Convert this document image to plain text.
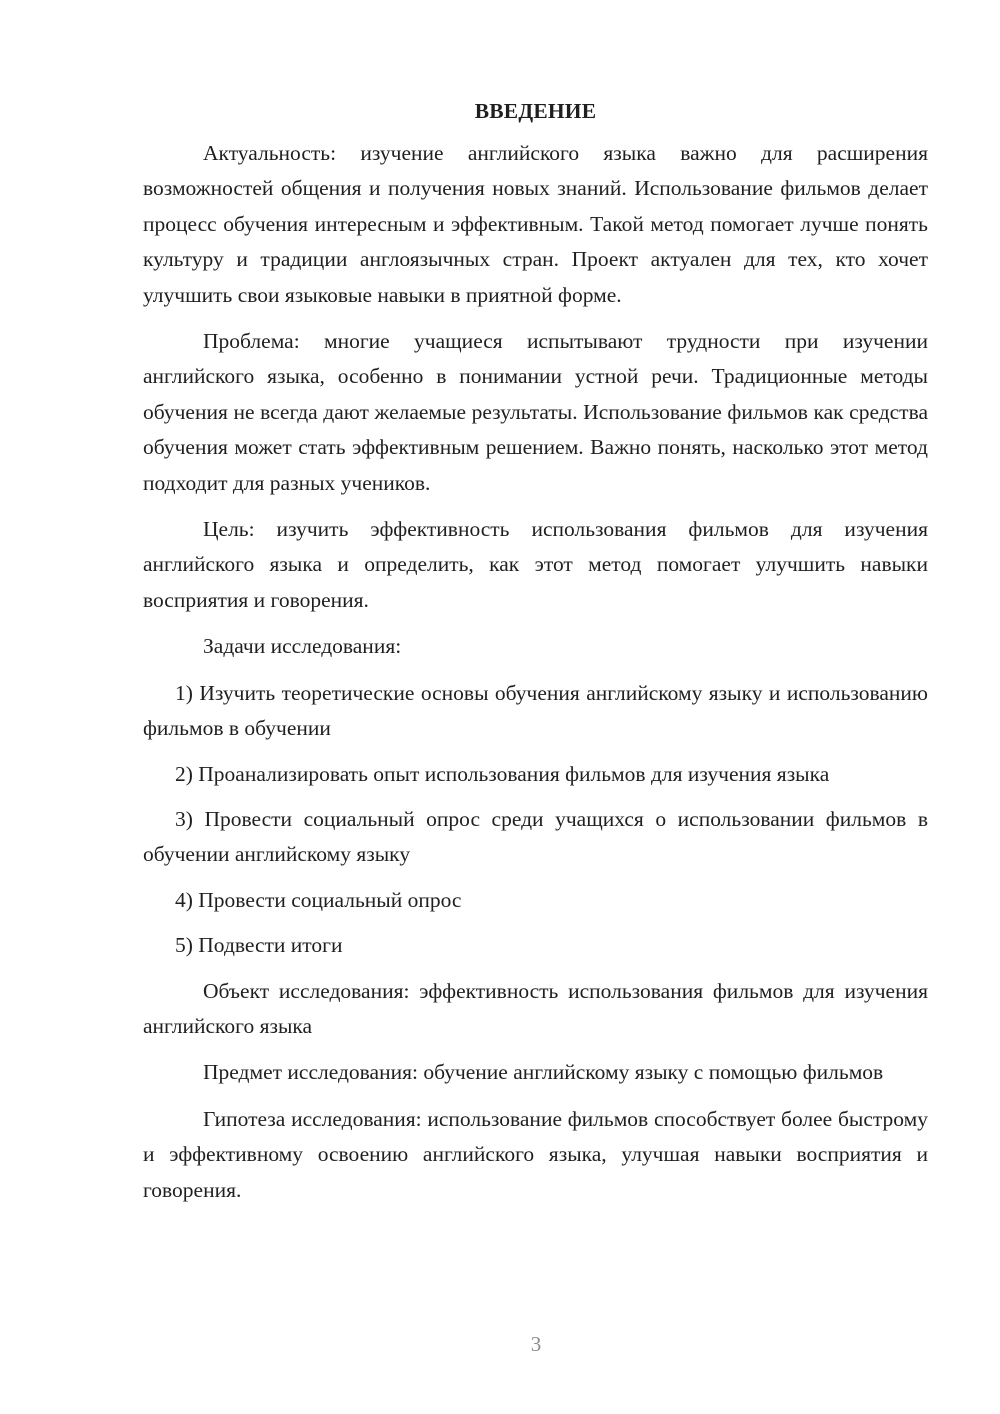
ВВЕДЕНИЕ

Актуальность: изучение английского языка важно для расширения возможностей общения и получения новых знаний. Использование фильмов делает процесс обучения интересным и эффективным. Такой метод помогает лучше понять культуру и традиции англоязычных стран. Проект актуален для тех, кто хочет улучшить свои языковые навыки в приятной форме.

Проблема: многие учащиеся испытывают трудности при изучении английского языка, особенно в понимании устной речи. Традиционные методы обучения не всегда дают желаемые результаты. Использование фильмов как средства обучения может стать эффективным решением. Важно понять, насколько этот метод подходит для разных учеников.

Цель: изучить эффективность использования фильмов для изучения английского языка и определить, как этот метод помогает улучшить навыки восприятия и говорения.

Задачи исследования:

1) Изучить теоретические основы обучения английскому языку и использованию фильмов в обучении

2) Проанализировать опыт использования фильмов для изучения языка

3) Провести социальный опрос среди учащихся о использовании фильмов в обучении английскому языку

4) Провести социальный опрос

5) Подвести итоги

Объект исследования: эффективность использования фильмов для изучения английского языка

Предмет исследования: обучение английскому языку с помощью фильмов

Гипотеза исследования: использование фильмов способствует более быстрому и эффективному освоению английского языка, улучшая навыки восприятия и говорения.

3
